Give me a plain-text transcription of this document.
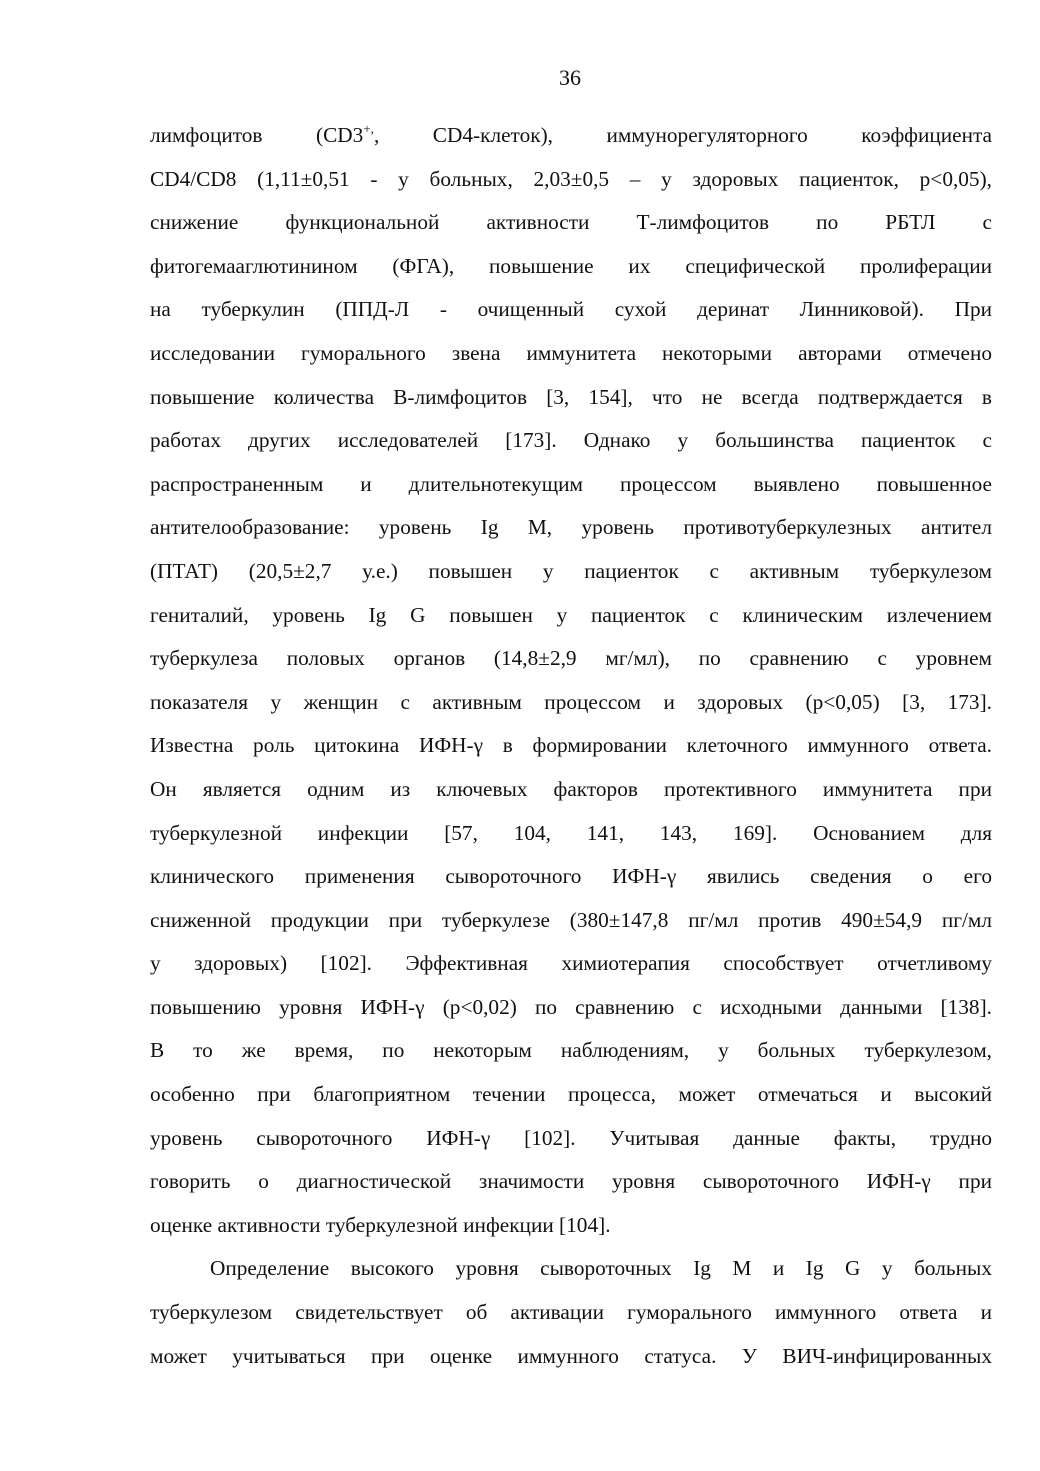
36
лимфоцитов (CD3+,, CD4-клеток), иммунорегуляторного коэффициента
CD4/CD8 (1,11±0,51 - у больных, 2,03±0,5 – у здоровых пациенток, p<0,05),
снижение функциональной активности Т-лимфоцитов по РБТЛ с
фитогемааглютинином (ФГА), повышение их специфической пролиферации
на туберкулин (ППД-Л - очищенный сухой деринат Линниковой). При
исследовании гуморального звена иммунитета некоторыми авторами отмечено
повышение количества В-лимфоцитов [3, 154], что не всегда подтверждается в
работах других исследователей [173]. Однако у большинства пациенток с
распространенным и длительнотекущим процессом выявлено повышенное
антителообразование: уровень Ig M, уровень противотуберкулезных антител
(ПТАТ) (20,5±2,7 у.е.) повышен у пациенток с активным туберкулезом
гениталий, уровень Ig G повышен у пациенток с клиническим излечением
туберкулеза половых органов (14,8±2,9 мг/мл), по сравнению с уровнем
показателя у женщин с активным процессом и здоровых (p<0,05) [3, 173].
Известна роль цитокина ИФН-γ в формировании клеточного иммунного ответа.
Он является одним из ключевых факторов протективного иммунитета при
туберкулезной инфекции [57, 104, 141, 143, 169]. Основанием для
клинического применения сывороточного ИФН-γ явились сведения о его
сниженной продукции при туберкулезе (380±147,8 пг/мл против 490±54,9 пг/мл
у здоровых) [102]. Эффективная химиотерапия способствует отчетливому
повышению уровня ИФН-γ (p<0,02) по сравнению с исходными данными [138].
В то же время, по некоторым наблюдениям, у больных туберкулезом,
особенно при благоприятном течении процесса, может отмечаться и высокий
уровень сывороточного ИФН-γ [102]. Учитывая данные факты, трудно
говорить о диагностической значимости уровня сывороточного ИФН-γ при
оценке активности туберкулезной инфекции [104].
Определение высокого уровня сывороточных Ig M и Ig G у больных
туберкулезом свидетельствует об активации гуморального иммунного ответа и
может учитываться при оценке иммунного статуса. У ВИЧ-инфицированных
